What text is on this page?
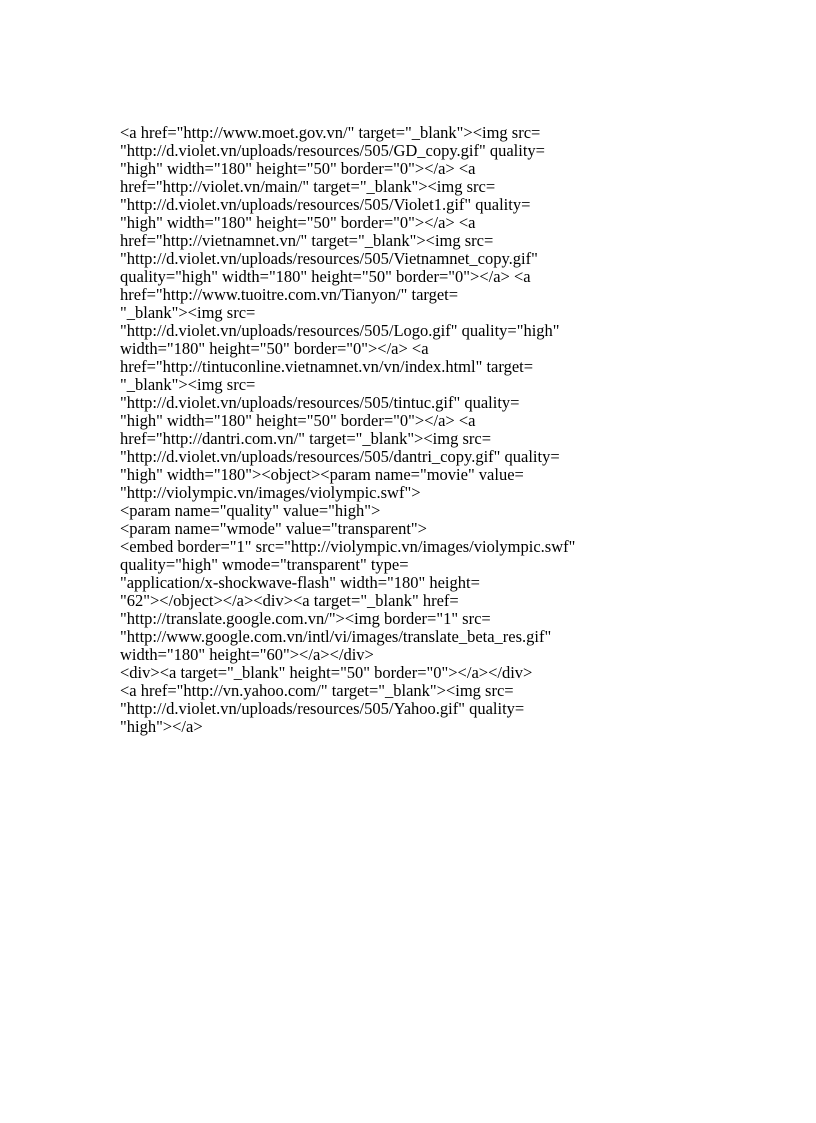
<a href="http://www.moet.gov.vn/" target="_blank"><img src=
"http://d.violet.vn/uploads/resources/505/GD_copy.gif" quality=
"high" width="180" height="50" border="0"></a> <a
href="http://violet.vn/main/" target="_blank"><img src=
"http://d.violet.vn/uploads/resources/505/Violet1.gif" quality=
"high" width="180" height="50" border="0"></a> <a
href="http://vietnamnet.vn/" target="_blank"><img src=
"http://d.violet.vn/uploads/resources/505/Vietnamnet_copy.gif"
quality="high" width="180" height="50" border="0"></a> <a
href="http://www.tuoitre.com.vn/Tianyon/" target=
"_blank"><img src=
"http://d.violet.vn/uploads/resources/505/Logo.gif" quality="high"
width="180" height="50" border="0"></a> <a
href="http://tintuconline.vietnamnet.vn/vn/index.html" target=
"_blank"><img src=
"http://d.violet.vn/uploads/resources/505/tintuc.gif" quality=
"high" width="180" height="50" border="0"></a> <a
href="http://dantri.com.vn/" target="_blank"><img src=
"http://d.violet.vn/uploads/resources/505/dantri_copy.gif" quality=
"high" width="180"><object><param name="movie" value=
"http://violympic.vn/images/violympic.swf">
<param name="quality" value="high">
<param name="wmode" value="transparent">
<embed border="1" src="http://violympic.vn/images/violympic.swf"
quality="high" wmode="transparent" type=
"application/x-shockwave-flash" width="180" height=
"62"></object></a><div><a target="_blank" href=
"http://translate.google.com.vn/"><img border="1" src=
"http://www.google.com.vn/intl/vi/images/translate_beta_res.gif"
width="180" height="60"></a></div>
<div><a target="_blank" height="50" border="0"></a></div>
<a href="http://vn.yahoo.com/" target="_blank"><img src=
"http://d.violet.vn/uploads/resources/505/Yahoo.gif" quality=
"high"></a>
